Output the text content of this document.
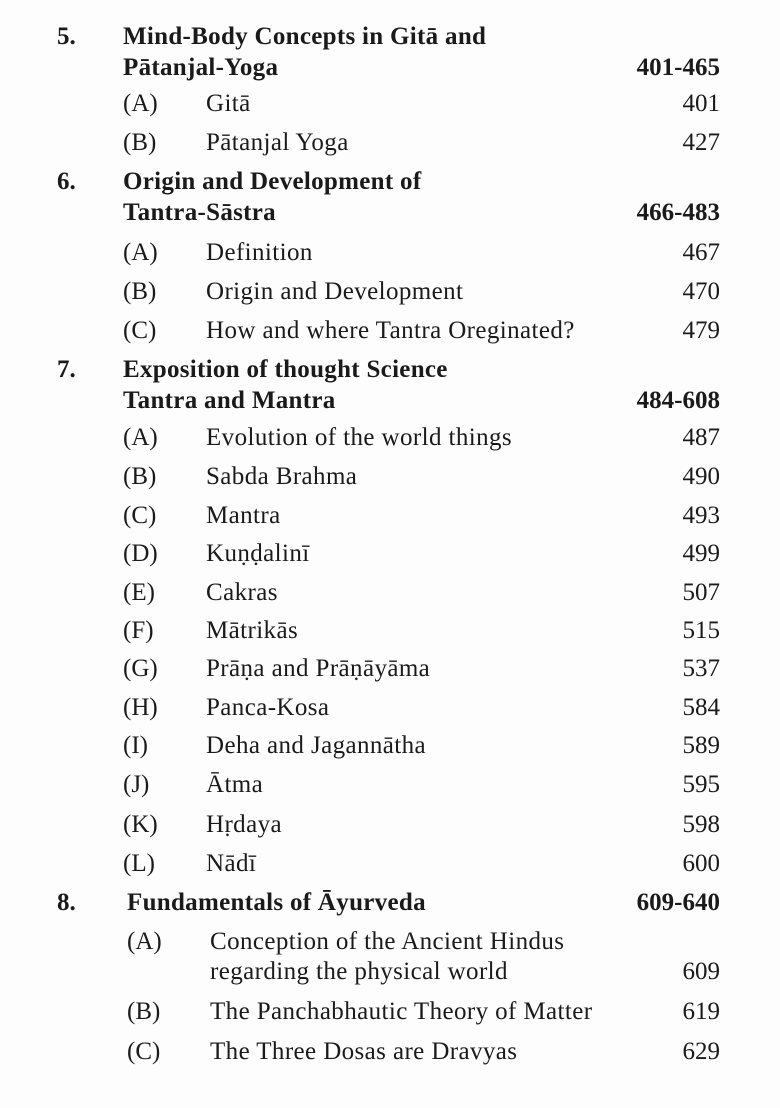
5. Mind-Body Concepts in Gitā and
Pātanjal-Yoga	401-465
(A) Gitā	401
(B) Pātanjal Yoga	427
6. Origin and Development of
Tantra-Sāstra	466-483
(A) Definition	467
(B) Origin and Development	470
(C) How and where Tantra Oreginated?	479
7. Exposition of thought Science
Tantra and Mantra	484-608
(A) Evolution of the world things	487
(B) Sabda Brahma	490
(C) Mantra	493
(D) Kuṇḍalinī	499
(E) Cakras	507
(F) Mātrikās	515
(G) Prāṇa and Prāṇāyāma	537
(H) Panca-Kosa	584
(I) Deha and Jagannātha	589
(J) Ātma	595
(K) Hṛdaya	598
(L) Nādī	600
8. Fundamentals of Āyurveda	609-640
(A) Conception of the Ancient Hindus
regarding the physical world	609
(B) The Panchabhautic Theory of Matter	619
(C) The Three Dosas are Dravyas	629
